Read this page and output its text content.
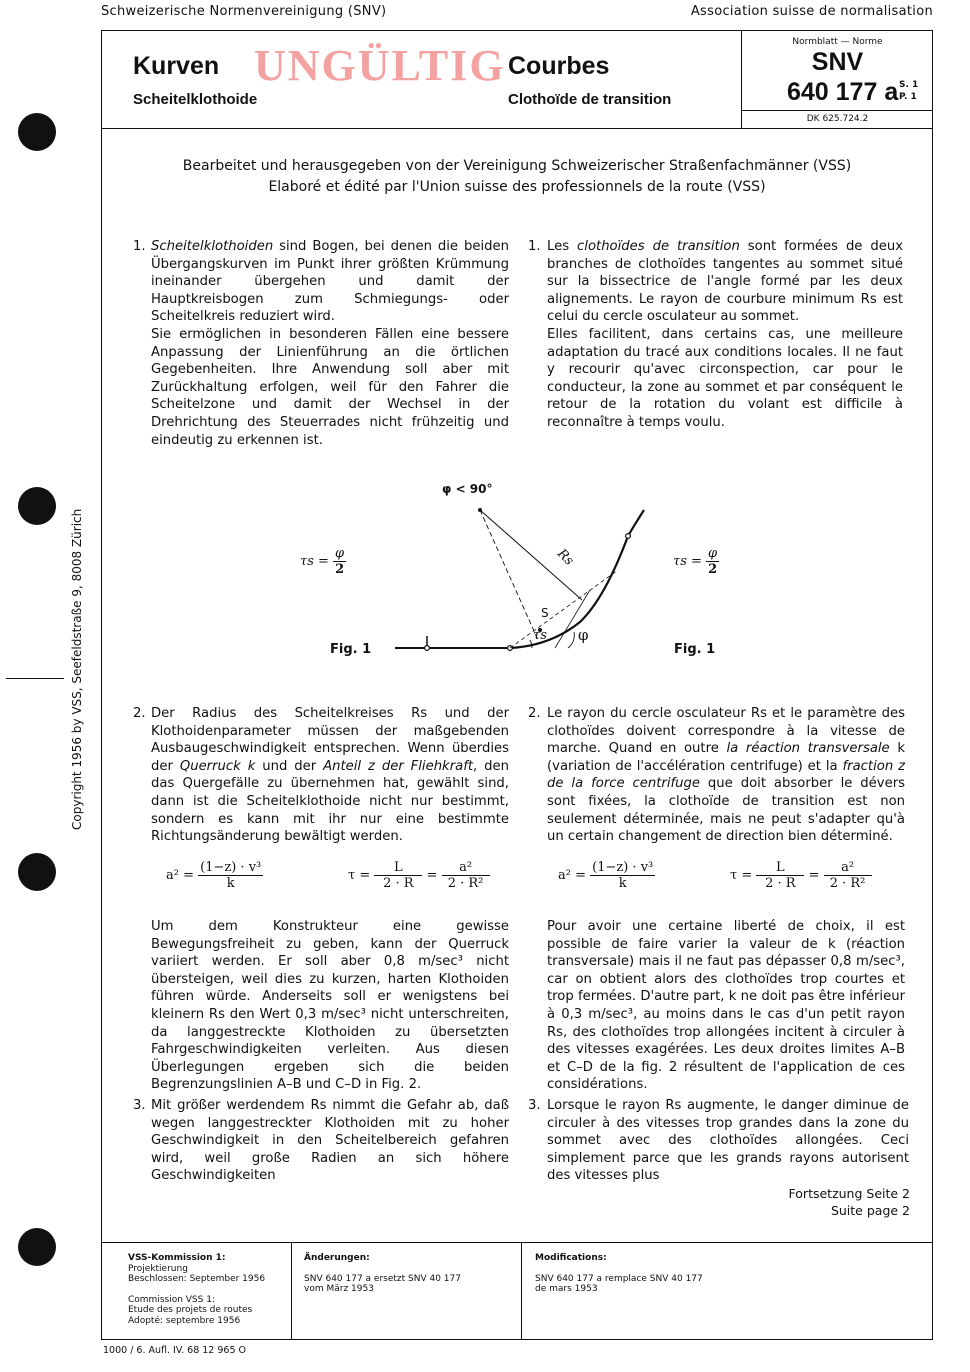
Schweizerische Normenvereinigung (SNV)	Association suisse de normalisation
Copyright 1956 by VSS, Seefeldstraße 9, 8008 Zürich
Kurven
Scheitelklothoide
UNGÜLTIG Courbes
Clothoïde de transition
Normblatt — Norme
SNV
640 177 a S. 1
P. 1
DK 625.724.2
Bearbeitet und herausgegeben von der Vereinigung Schweizerischer Straßenfachmänner (VSS)
Elaboré et édité par l'Union suisse des professionnels de la route (VSS)
1. Scheitelklothoiden sind Bogen, bei denen die beiden Übergangskurven im Punkt ihrer größten Krümmung ineinander übergehen und damit der Hauptkreisbogen zum Schmiegungs- oder Scheitelkreis reduziert wird.
Sie ermöglichen in besonderen Fällen eine bessere Anpassung der Linienführung an die örtlichen Gegebenheiten. Ihre Anwendung soll aber mit Zurückhaltung erfolgen, weil für den Fahrer die Scheitelzone und damit der Wechsel in der Drehrichtung des Steuerrades nicht frühzeitig und eindeutig zu erkennen ist.
1. Les clothoïdes de transition sont formées de deux branches de clothoïdes tangentes au sommet situé sur la bissectrice de l'angle formé par les deux alignements. Le rayon de courbure minimum Rs est celui du cercle osculateur au sommet.
Elles facilitent, dans certains cas, une meilleure adaptation du tracé aux conditions locales. Il ne faut y recourir qu'avec circonspection, car pour le conducteur, la zone au sommet et par conséquent le retour de la rotation du volant est difficile à reconnaître à temps voulu.
φ < 90°
Rs
S
τs φ
$\tau s = \frac{\varphi}{2}$	$\tau s = \frac{\varphi}{2}$
Fig. 1	Fig. 1
2. Der Radius des Scheitelkreises Rs und der Klothoidenparameter müssen der maßgebenden Ausbaugeschwindigkeit entsprechen. Wenn überdies der Querruck k und der Anteil z der Fliehkraft, den das Quergefälle zu übernehmen hat, gewählt sind, dann ist die Scheitelklothoide nicht nur bestimmt, sondern es kann mit ihr nur eine bestimmte Richtungsänderung bewältigt werden.
2. Le rayon du cercle osculateur Rs et le paramètre des clothoïdes doivent correspondre à la vitesse de marche. Quand en outre la réaction transversale k (variation de l'accélération centrifuge) et la fraction z de la force centrifuge que doit absorber le dévers sont fixées, la clothoïde de transition est non seulement déterminée, mais ne peut s'adapter qu'à un certain changement de direction bien déterminé.
$a^2 = \frac{\text{(1−z) · v³}}{k}$	$\tau = \frac{L}{2 \cdot R} = \frac{\text{a²}}{\text{2 · R²}}$	$a^2 = \frac{\text{(1−z) · v³}}{k}$	$\tau = \frac{L}{2 \cdot R} = \frac{\text{a²}}{\text{2 · R²}}$
Um dem Konstrukteur eine gewisse Bewegungsfreiheit zu geben, kann der Querruck variiert werden. Er soll aber 0,8 m/sec³ nicht übersteigen, weil dies zu kurzen, harten Klothoiden führen würde. Anderseits soll er wenigstens bei kleinern Rs den Wert 0,3 m/sec³ nicht unterschreiten, da langgestreckte Klothoiden zu übersetzten Fahrgeschwindigkeiten verleiten. Aus diesen Überlegungen ergeben sich die beiden Begrenzungslinien A–B und C–D in Fig. 2.
Pour avoir une certaine liberté de choix, il est possible de faire varier la valeur de k (réaction transversale) mais il ne faut pas dépasser 0,8 m/sec³, car on obtient alors des clothoïdes trop courtes et trop fermées. D'autre part, k ne doit pas être inférieur à 0,3 m/sec³, au moins dans le cas d'un petit rayon Rs, des clothoïdes trop allongées incitent à circuler à des vitesses exagérées. Les deux droites limites A–B et C–D de la fig. 2 résultent de l'application de ces considérations.
3. Mit größer werdendem Rs nimmt die Gefahr ab, daß wegen langgestreckter Klothoiden mit zu hoher Geschwindigkeit in den Scheitelbereich gefahren wird, weil große Radien an sich höhere Geschwindigkeiten
3. Lorsque le rayon Rs augmente, le danger diminue de circuler à des vitesses trop grandes dans la zone du sommet avec des clothoïdes allongées. Ceci simplement parce que les grands rayons autorisent des vitesses plus
Fortsetzung Seite 2
Suite page 2
VSS-Kommission 1:
Projektierung
Beschlossen: September 1956
Commission VSS 1:
Etude des projets de routes
Adopté: septembre 1956
Änderungen:
SNV 640 177 a ersetzt SNV 40 177
vom März 1953
Modifications:
SNV 640 177 a remplace SNV 40 177
de mars 1953
1000 / 6. Aufl. IV. 68 12 965 O
